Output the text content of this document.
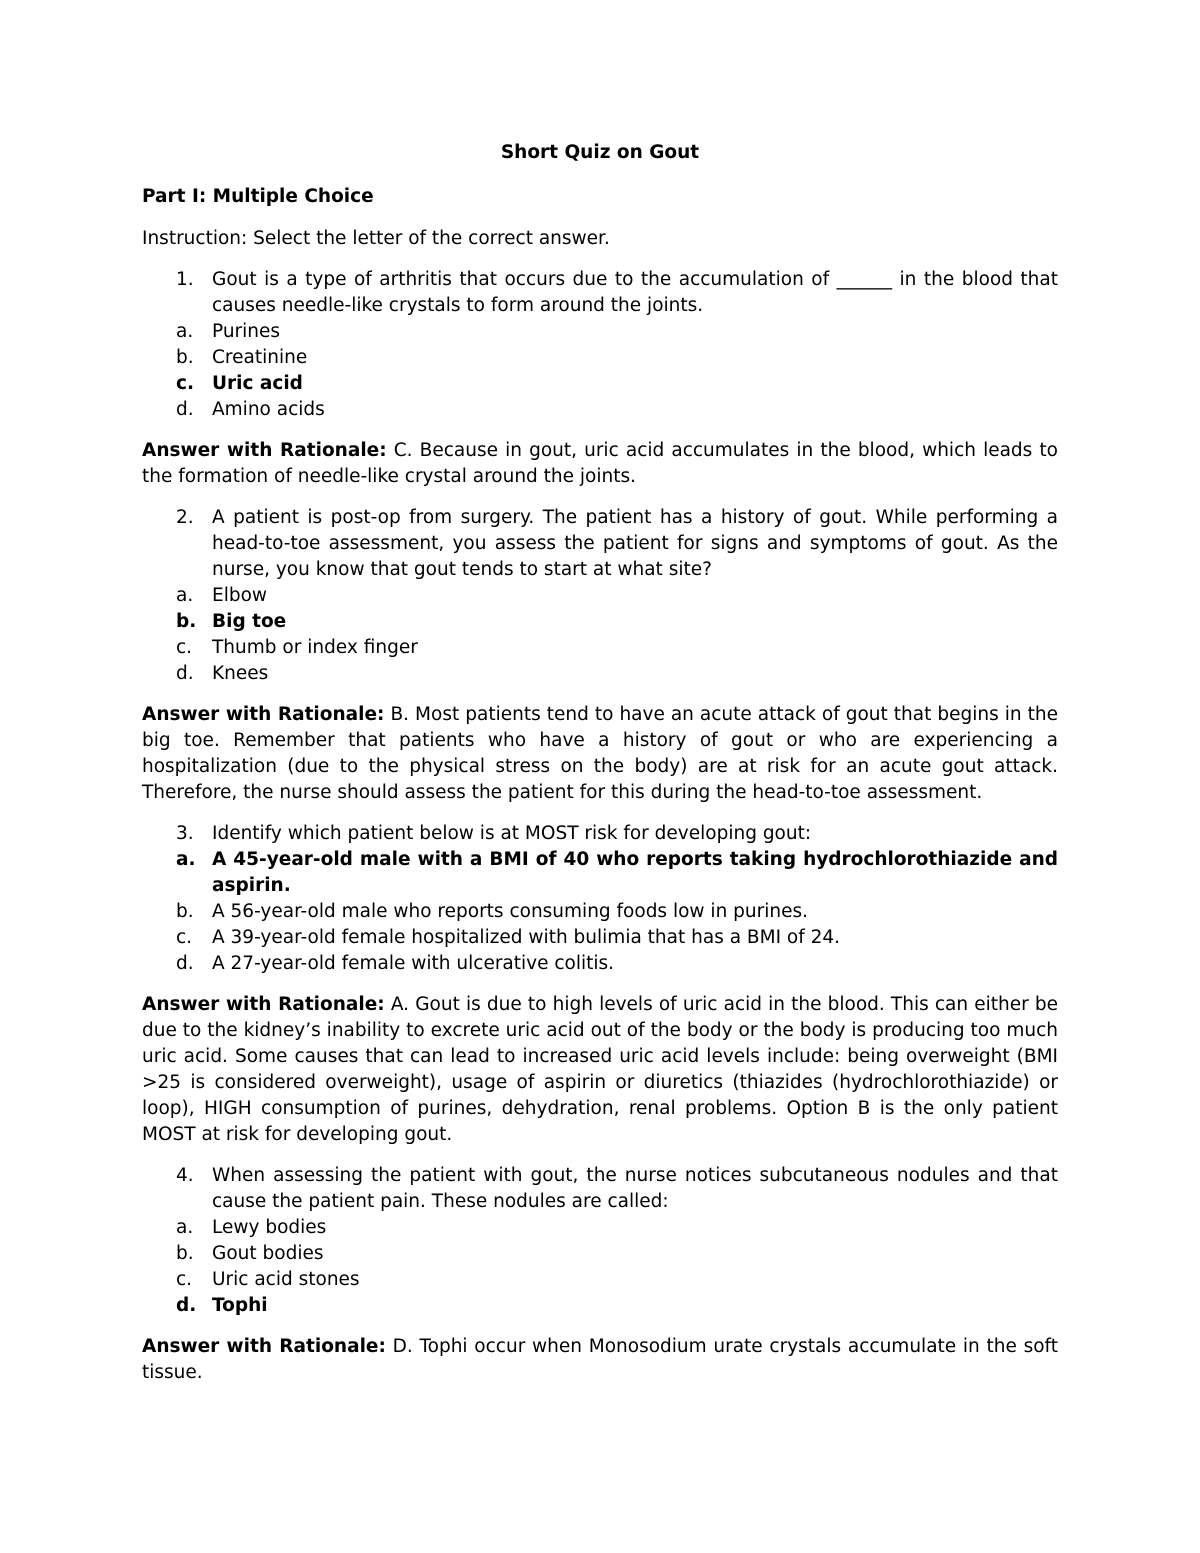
Short Quiz on Gout
Part I: Multiple Choice
Instruction: Select the letter of the correct answer.
1. Gout is a type of arthritis that occurs due to the accumulation of ______ in the blood that causes needle-like crystals to form around the joints.
a. Purines
b. Creatinine
c. Uric acid
d. Amino acids
Answer with Rationale: C. Because in gout, uric acid accumulates in the blood, which leads to the formation of needle-like crystal around the joints.
2. A patient is post-op from surgery. The patient has a history of gout. While performing a head-to-toe assessment, you assess the patient for signs and symptoms of gout. As the nurse, you know that gout tends to start at what site?
a. Elbow
b. Big toe
c. Thumb or index finger
d. Knees
Answer with Rationale: B. Most patients tend to have an acute attack of gout that begins in the big toe. Remember that patients who have a history of gout or who are experiencing a hospitalization (due to the physical stress on the body) are at risk for an acute gout attack. Therefore, the nurse should assess the patient for this during the head-to-toe assessment.
3. Identify which patient below is at MOST risk for developing gout:
a. A 45-year-old male with a BMI of 40 who reports taking hydrochlorothiazide and aspirin.
b. A 56-year-old male who reports consuming foods low in purines.
c. A 39-year-old female hospitalized with bulimia that has a BMI of 24.
d. A 27-year-old female with ulcerative colitis.
Answer with Rationale: A. Gout is due to high levels of uric acid in the blood. This can either be due to the kidney’s inability to excrete uric acid out of the body or the body is producing too much uric acid. Some causes that can lead to increased uric acid levels include: being overweight (BMI >25 is considered overweight), usage of aspirin or diuretics (thiazides (hydrochlorothiazide) or loop), HIGH consumption of purines, dehydration, renal problems. Option B is the only patient MOST at risk for developing gout.
4. When assessing the patient with gout, the nurse notices subcutaneous nodules and that cause the patient pain. These nodules are called:
a. Lewy bodies
b. Gout bodies
c. Uric acid stones
d. Tophi
Answer with Rationale: D. Tophi occur when Monosodium urate crystals accumulate in the soft tissue.
